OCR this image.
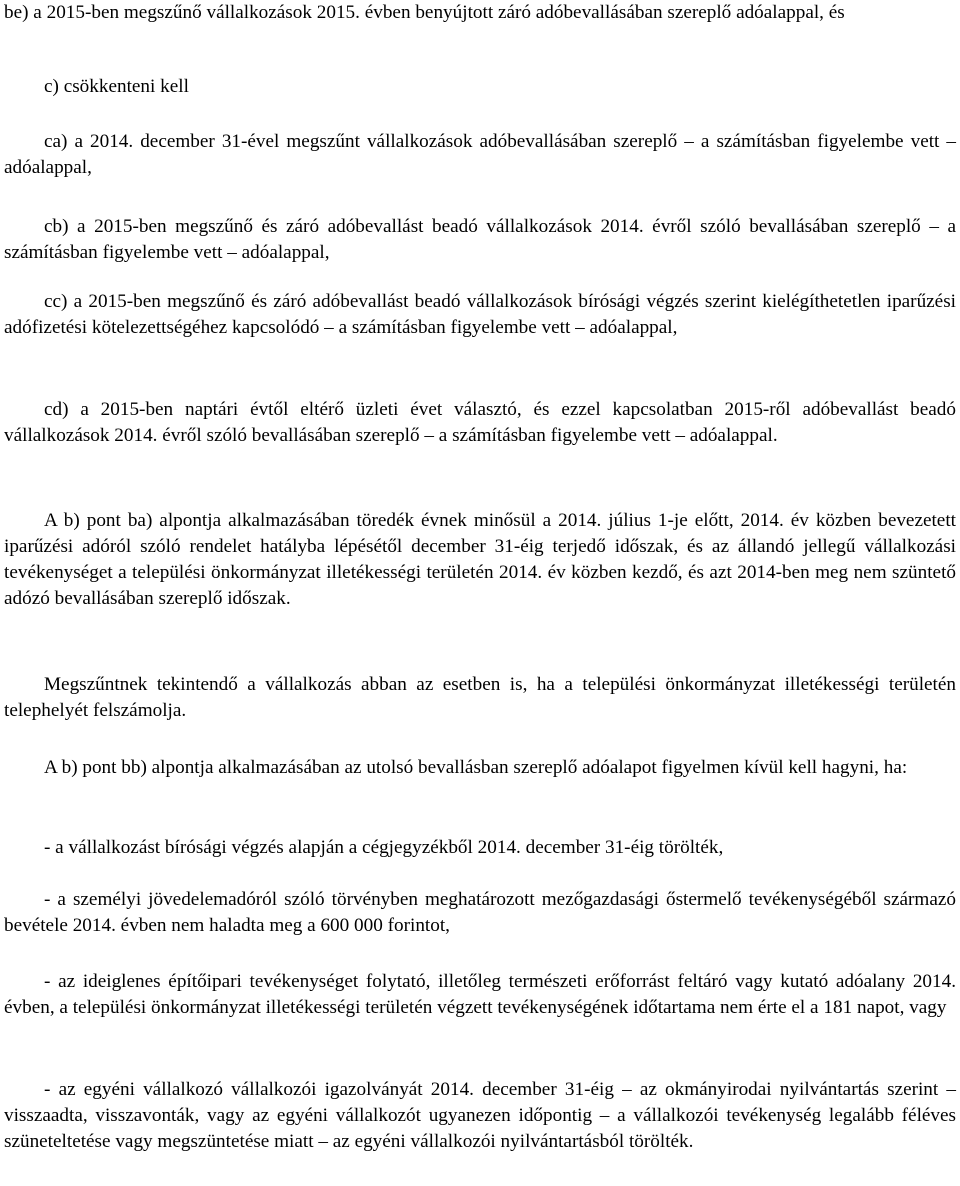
be) a 2015-ben megszűnő vállalkozások 2015. évben benyújtott záró adóbevallásában szereplő adóalappal, és

c) csökkenteni kell

ca) a 2014. december 31-ével megszűnt vállalkozások adóbevallásában szereplő – a számításban figyelembe vett – adóalappal,

cb) a 2015-ben megszűnő és záró adóbevallást beadó vállalkozások 2014. évről szóló bevallásában szereplő – a számításban figyelembe vett – adóalappal,

cc) a 2015-ben megszűnő és záró adóbevallást beadó vállalkozások bírósági végzés szerint kielégíthetetlen iparűzési adófizetési kötelezettségéhez kapcsolódó – a számításban figyelembe vett – adóalappal,

cd) a 2015-ben naptári évtől eltérő üzleti évet választó, és ezzel kapcsolatban 2015-ről adóbevallást beadó vállalkozások 2014. évről szóló bevallásában szereplő – a számításban figyelembe vett – adóalappal.

A b) pont ba) alpontja alkalmazásában töredék évnek minősül a 2014. július 1-je előtt, 2014. év közben bevezetett iparűzési adóról szóló rendelet hatályba lépésétől december 31-éig terjedő időszak, és az állandó jellegű vállalkozási tevékenységet a települési önkormányzat illetékességi területén 2014. év közben kezdő, és azt 2014-ben meg nem szüntető adózó bevallásában szereplő időszak.

Megszűntnek tekintendő a vállalkozás abban az esetben is, ha a települési önkormányzat illetékességi területén telephelyét felszámolja.

A b) pont bb) alpontja alkalmazásában az utolsó bevallásban szereplő adóalapot figyelmen kívül kell hagyni, ha:

- a vállalkozást bírósági végzés alapján a cégjegyzékből 2014. december 31-éig törölték,

- a személyi jövedelemadóról szóló törvényben meghatározott mezőgazdasági őstermelő tevékenységéből származó bevétele 2014. évben nem haladta meg a 600 000 forintot,

- az ideiglenes építőipari tevékenységet folytató, illetőleg természeti erőforrást feltáró vagy kutató adóalany 2014. évben, a települési önkormányzat illetékességi területén végzett tevékenységének időtartama nem érte el a 181 napot, vagy

- az egyéni vállalkozó vállalkozói igazolványát 2014. december 31-éig – az okmányirodai nyilvántartás szerint – visszaadta, visszavonták, vagy az egyéni vállalkozót ugyanezen időpontig – a vállalkozói tevékenység legalább féléves szüneteltetése vagy megszüntetése miatt – az egyéni vállalkozói nyilvántartásból törölték.
